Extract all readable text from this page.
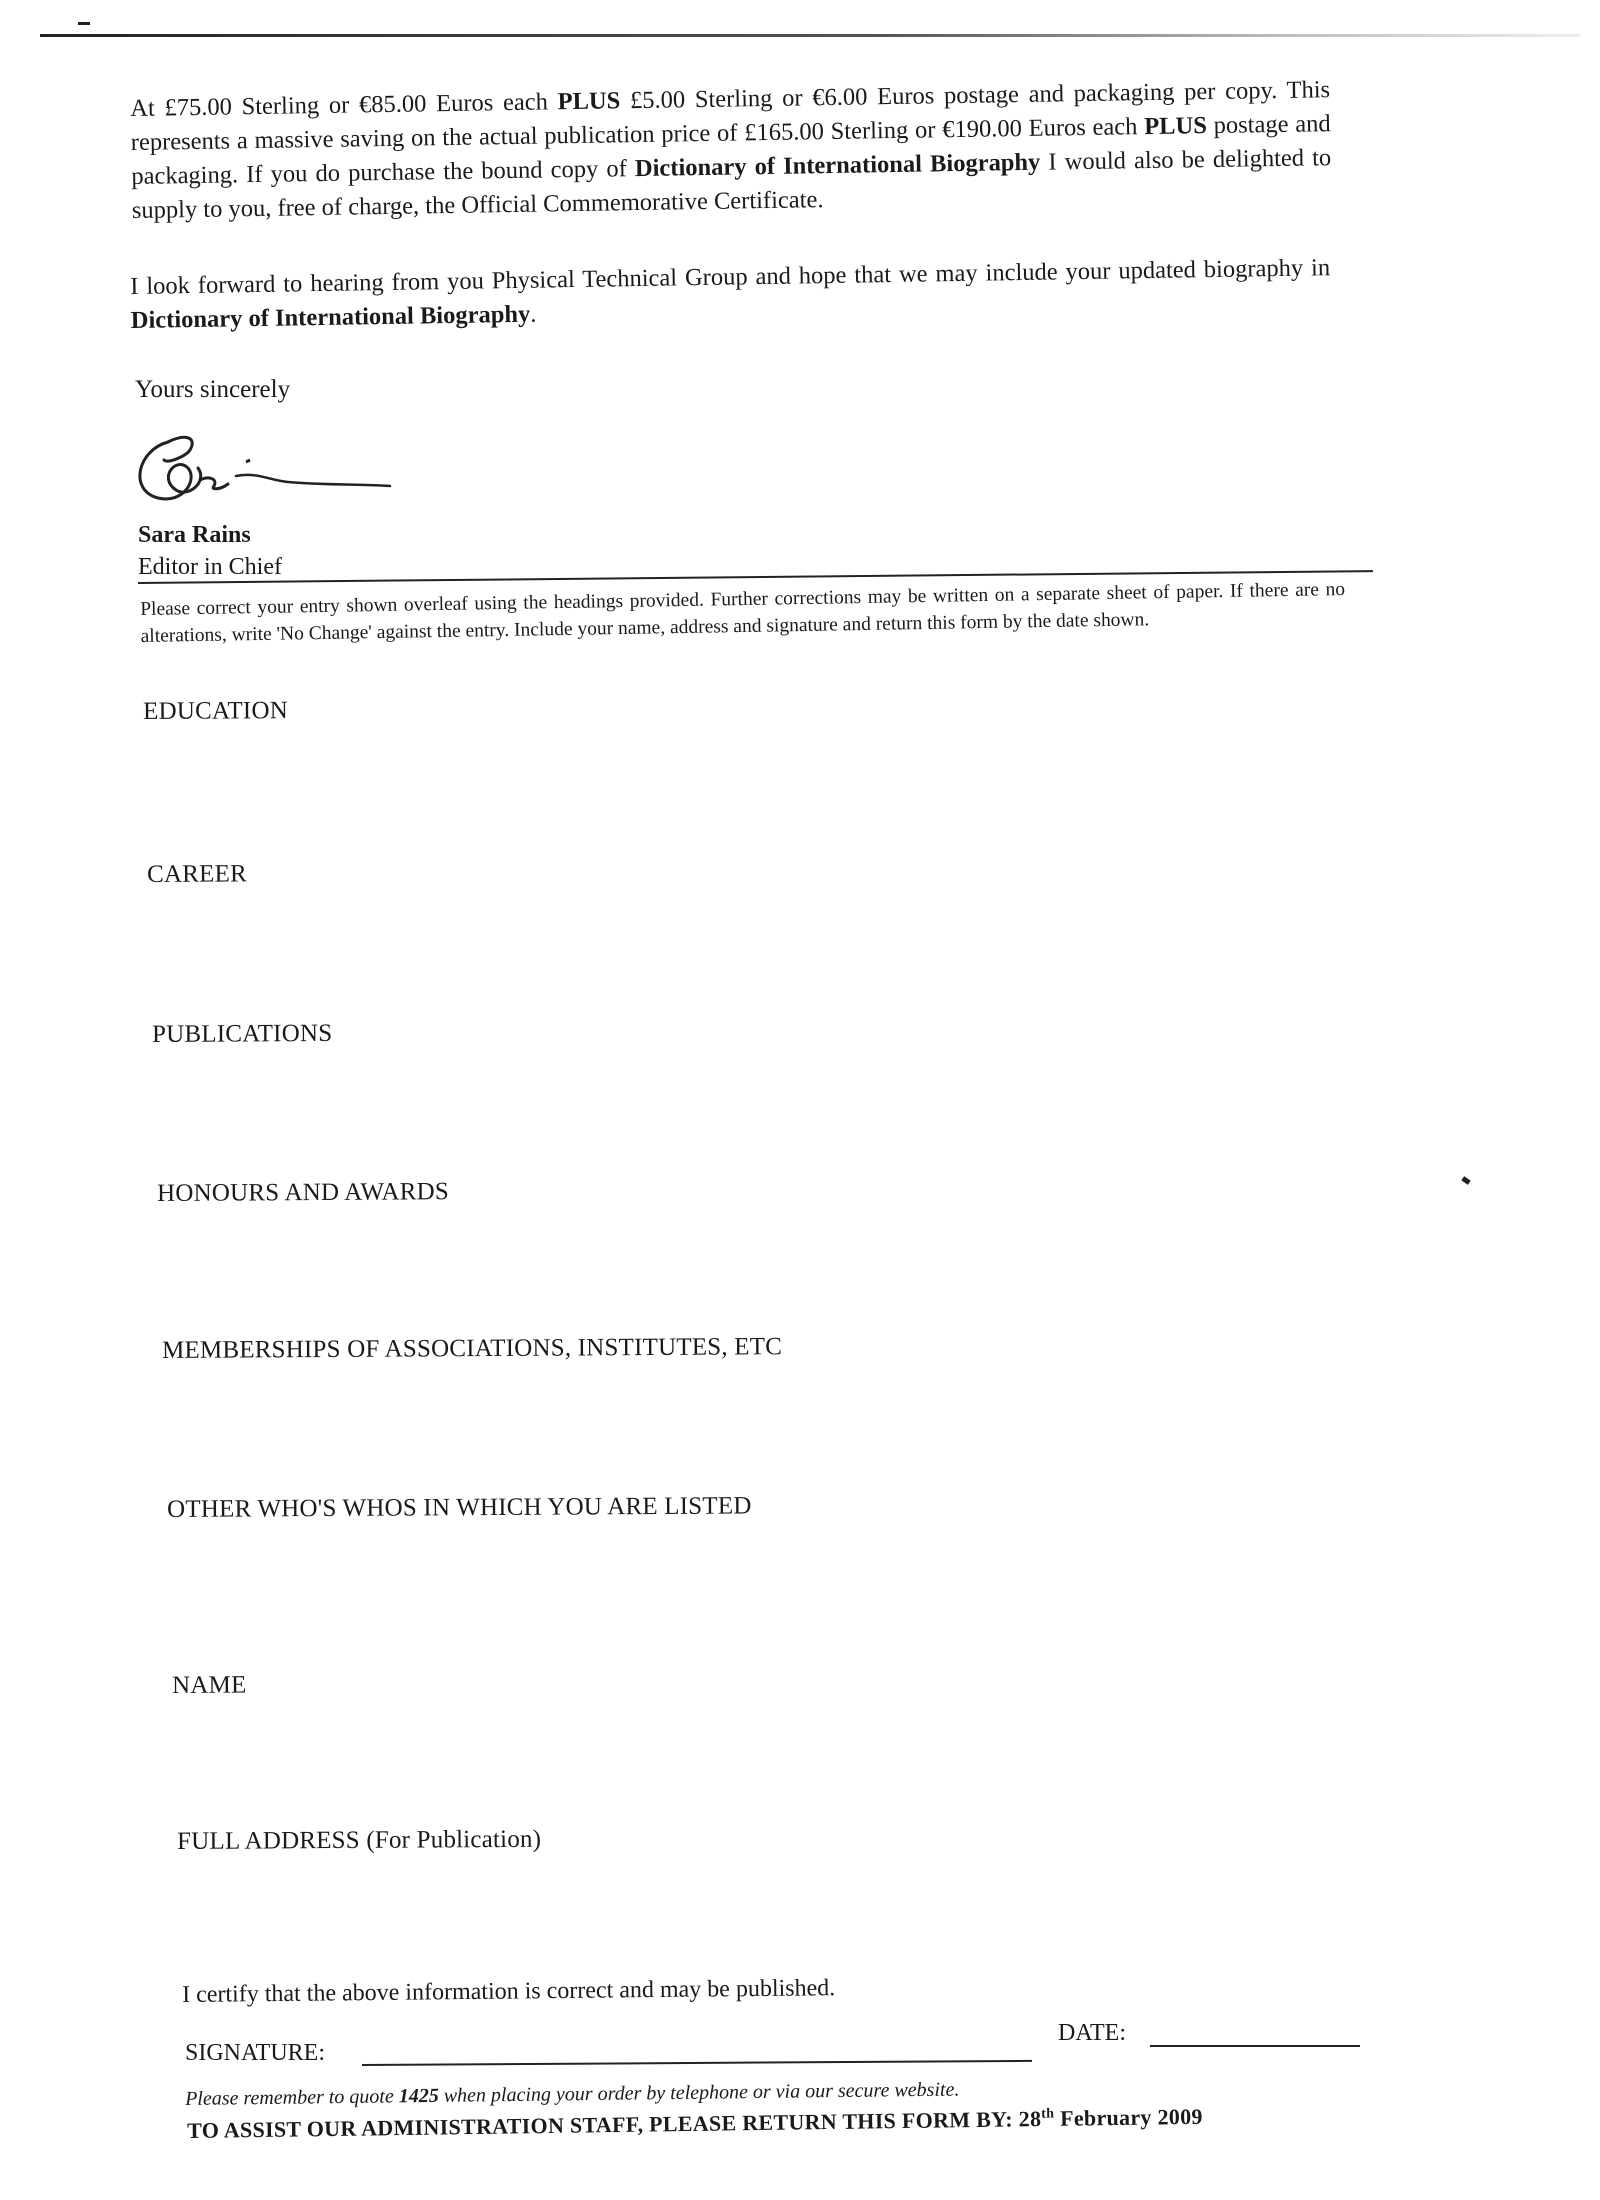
At £75.00 Sterling or €85.00 Euros each PLUS £5.00 Sterling or €6.00 Euros postage and packaging per copy. This represents a massive saving on the actual publication price of £165.00 Sterling or €190.00 Euros each PLUS postage and packaging. If you do purchase the bound copy of Dictionary of International Biography I would also be delighted to supply to you, free of charge, the Official Commemorative Certificate.

I look forward to hearing from you Physical Technical Group and hope that we may include your updated biography in Dictionary of International Biography.

Yours sincerely
Sara Rains
Editor in Chief

Please correct your entry shown overleaf using the headings provided. Further corrections may be written on a separate sheet of paper. If there are no alterations, write 'No Change' against the entry. Include your name, address and signature and return this form by the date shown.

EDUCATION
CAREER
PUBLICATIONS
HONOURS AND AWARDS
MEMBERSHIPS OF ASSOCIATIONS, INSTITUTES, ETC
OTHER WHO'S WHOS IN WHICH YOU ARE LISTED
NAME
FULL ADDRESS (For Publication)
I certify that the above information is correct and may be published.
SIGNATURE:
DATE:
Please remember to quote 1425 when placing your order by telephone or via our secure website.
TO ASSIST OUR ADMINISTRATION STAFF, PLEASE RETURN THIS FORM BY: 28th February 2009
